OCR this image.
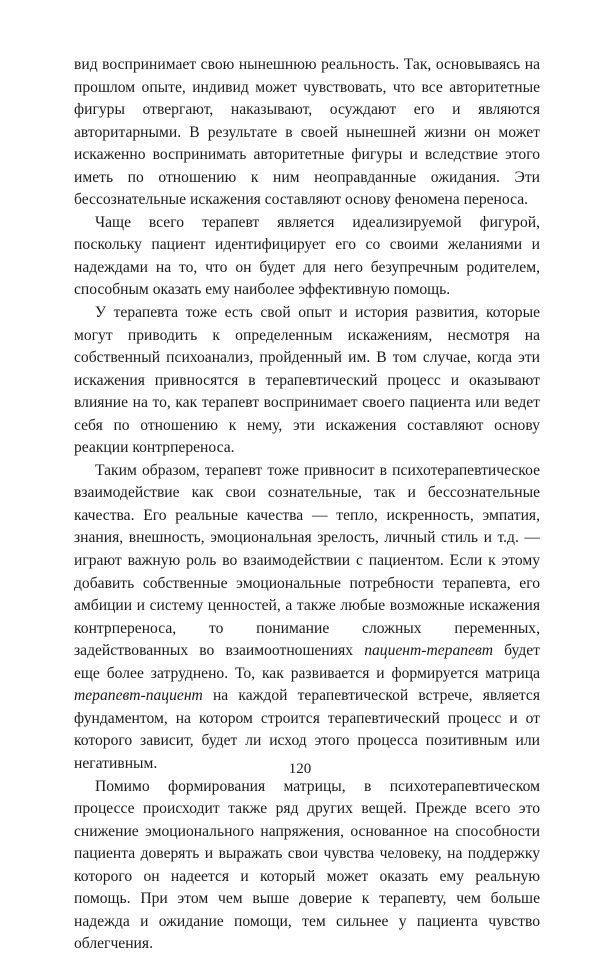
вид воспринимает свою нынешнюю реальность. Так, основываясь на прошлом опыте, индивид может чувствовать, что все авторитетные фигуры отвергают, наказывают, осуждают его и являются авторитарными. В результате в своей нынешней жизни он может искаженно воспринимать авторитетные фигуры и вследствие этого иметь по отношению к ним неоправданные ожидания. Эти бессознательные искажения составляют основу феномена переноса.

Чаще всего терапевт является идеализируемой фигурой, поскольку пациент идентифицирует его со своими желаниями и надеждами на то, что он будет для него безупречным родителем, способным оказать ему наиболее эффективную помощь.

У терапевта тоже есть свой опыт и история развития, которые могут приводить к определенным искажениям, несмотря на собственный психоанализ, пройденный им. В том случае, когда эти искажения привносятся в терапевтический процесс и оказывают влияние на то, как терапевт воспринимает своего пациента или ведет себя по отношению к нему, эти искажения составляют основу реакции контрпереноса.

Таким образом, терапевт тоже привносит в психотерапевтическое взаимодействие как свои сознательные, так и бессознательные качества. Его реальные качества — тепло, искренность, эмпатия, знания, внешность, эмоциональная зрелость, личный стиль и т.д. — играют важную роль во взаимодействии с пациентом. Если к этому добавить собственные эмоциональные потребности терапевта, его амбиции и систему ценностей, а также любые возможные искажения контрпереноса, то понимание сложных переменных, задействованных во взаимоотношениях пациент-терапевт будет еще более затруднено. То, как развивается и формируется матрица терапевт-пациент на каждой терапевтической встрече, является фундаментом, на котором строится терапевтический процесс и от которого зависит, будет ли исход этого процесса позитивным или негативным.

Помимо формирования матрицы, в психотерапевтическом процессе происходит также ряд других вещей. Прежде всего это снижение эмоционального напряжения, основанное на способности пациента доверять и выражать свои чувства человеку, на поддержку которого он надеется и который может оказать ему реальную помощь. При этом чем выше доверие к терапевту, чем больше надежда и ожидание помощи, тем сильнее у пациента чувство облегчения.

120
